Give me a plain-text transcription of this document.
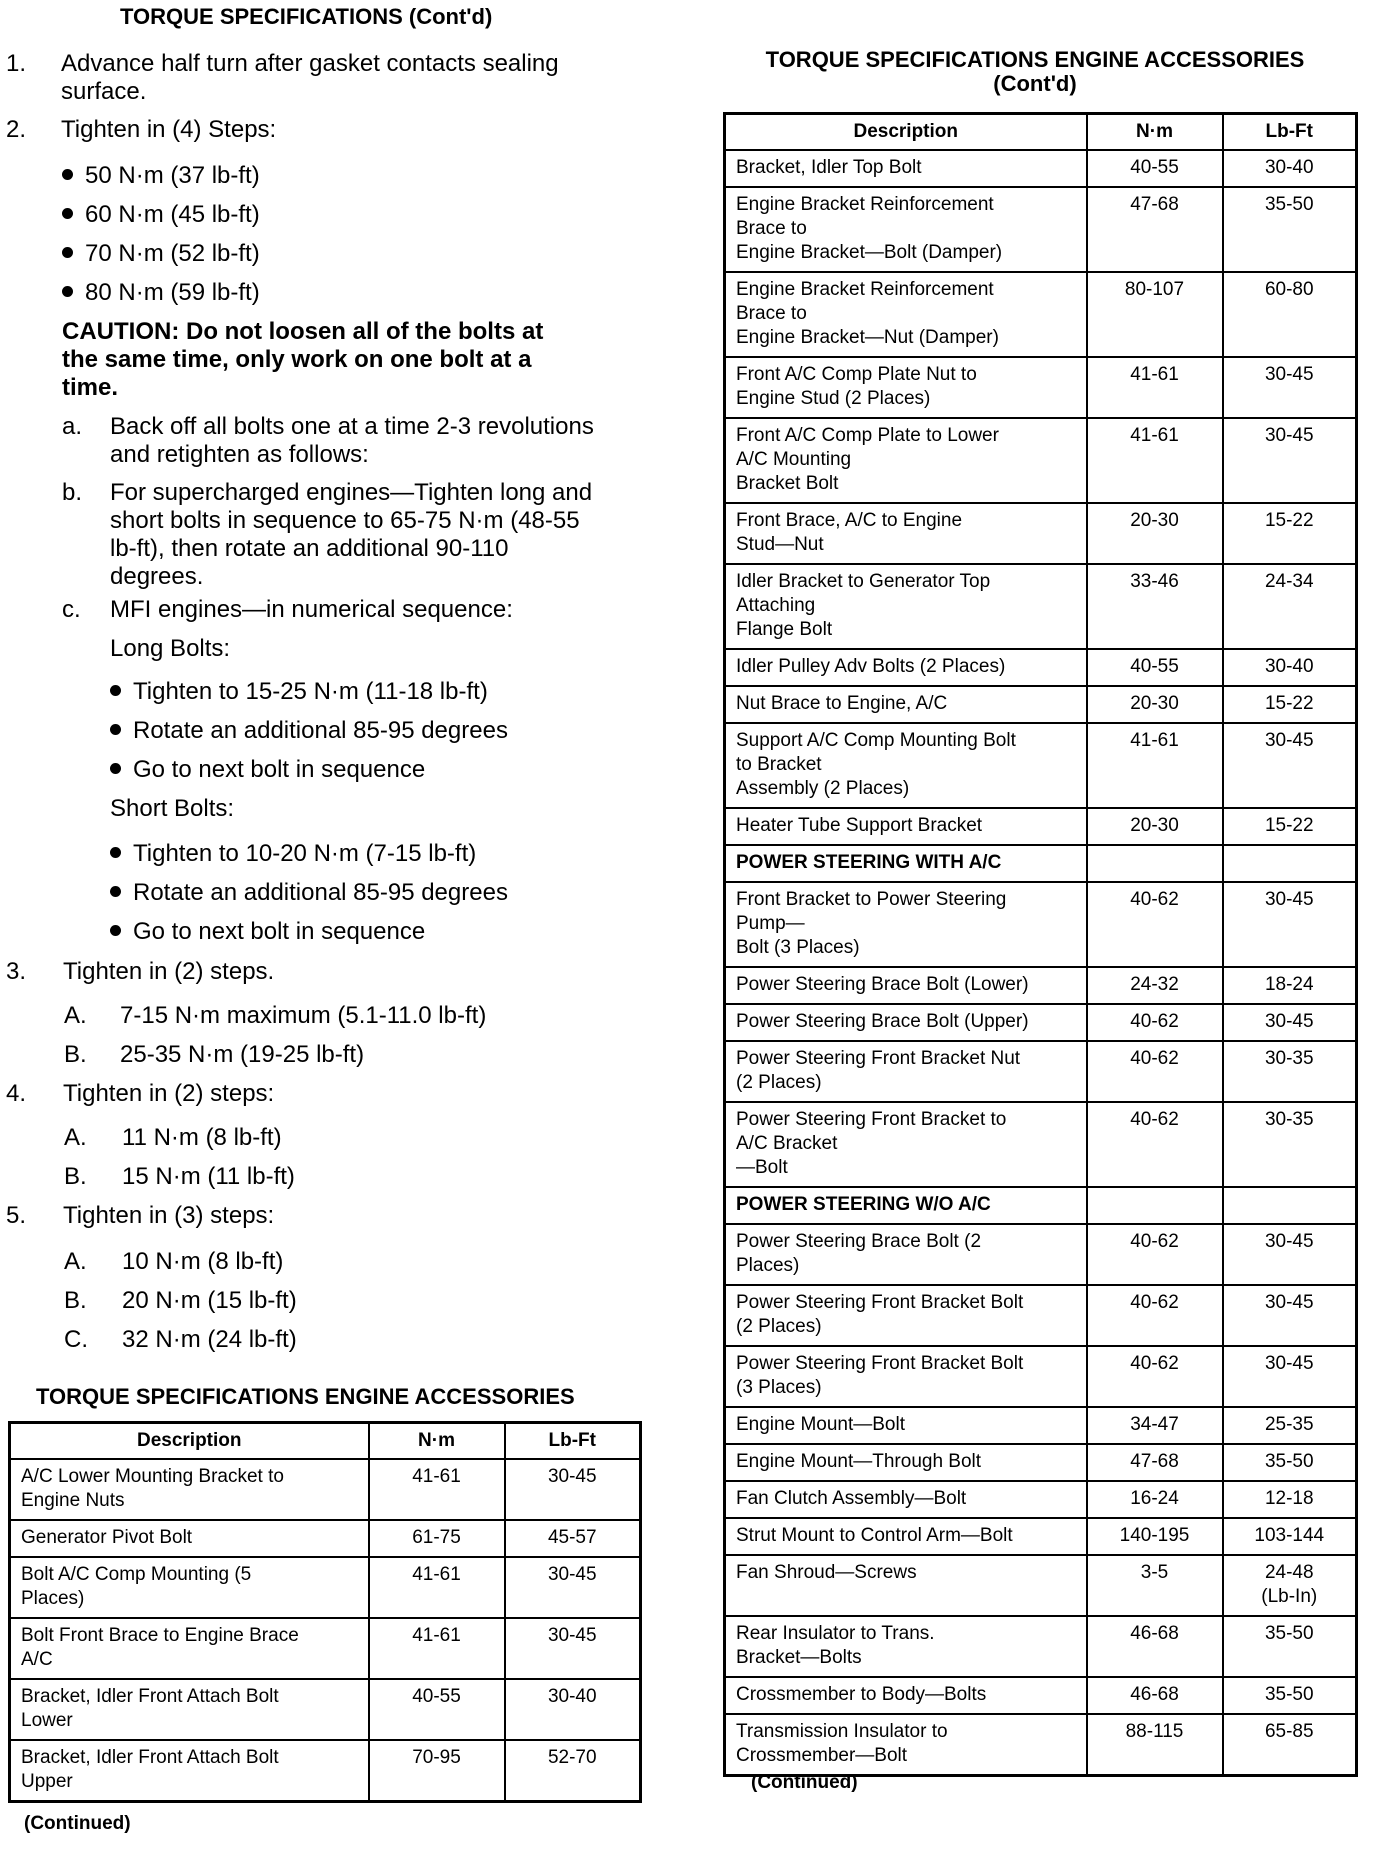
TORQUE SPECIFICATIONS (Cont'd)
1. Advance half turn after gasket contacts sealing
surface.
2. Tighten in (4) Steps:
50 N·m (37 lb-ft)
60 N·m (45 lb-ft)
70 N·m (52 lb-ft)
80 N·m (59 lb-ft)
CAUTION: Do not loosen all of the bolts at
the same time, only work on one bolt at a
time.
a. Back off all bolts one at a time 2-3 revolutions
and retighten as follows:
b. For supercharged engines—Tighten long and
short bolts in sequence to 65-75 N·m (48-55
lb-ft), then rotate an additional 90-110
degrees.
c. MFI engines—in numerical sequence:
Long Bolts:
Tighten to 15-25 N·m (11-18 lb-ft)
Rotate an additional 85-95 degrees
Go to next bolt in sequence
Short Bolts:
Tighten to 10-20 N·m (7-15 lb-ft)
Rotate an additional 85-95 degrees
Go to next bolt in sequence
3. Tighten in (2) steps.
A. 7-15 N·m maximum (5.1-11.0 lb-ft)
B. 25-35 N·m (19-25 lb-ft)
4. Tighten in (2) steps:
A. 11 N·m (8 lb-ft)
B. 15 N·m (11 lb-ft)
5. Tighten in (3) steps:
A. 10 N·m (8 lb-ft)
B. 20 N·m (15 lb-ft)
C. 32 N·m (24 lb-ft)
TORQUE SPECIFICATIONS ENGINE ACCESSORIES
Description	N·m	Lb-Ft
A/C Lower Mounting Bracket to
Engine Nuts	41-61	30-45
Generator Pivot Bolt	61-75	45-57
Bolt A/C Comp Mounting (5
Places)	41-61	30-45
Bolt Front Brace to Engine Brace
A/C	41-61	30-45
Bracket, Idler Front Attach Bolt
Lower	40-55	30-40
Bracket, Idler Front Attach Bolt
Upper	70-95	52-70
(Continued)
TORQUE SPECIFICATIONS ENGINE ACCESSORIES
(Cont'd)
Description	N·m	Lb-Ft
Bracket, Idler Top Bolt	40-55	30-40
Engine Bracket Reinforcement
Brace to
Engine Bracket—Bolt (Damper)	47-68	35-50
Engine Bracket Reinforcement
Brace to
Engine Bracket—Nut (Damper)	80-107	60-80
Front A/C Comp Plate Nut to
Engine Stud (2 Places)	41-61	30-45
Front A/C Comp Plate to Lower
A/C Mounting
Bracket Bolt	41-61	30-45
Front Brace, A/C to Engine
Stud—Nut	20-30	15-22
Idler Bracket to Generator Top
Attaching
Flange Bolt	33-46	24-34
Idler Pulley Adv Bolts (2 Places)	40-55	30-40
Nut Brace to Engine, A/C	20-30	15-22
Support A/C Comp Mounting Bolt
to Bracket
Assembly (2 Places)	41-61	30-45
Heater Tube Support Bracket	20-30	15-22
POWER STEERING WITH A/C		
Front Bracket to Power Steering
Pump—
Bolt (3 Places)	40-62	30-45
Power Steering Brace Bolt (Lower)	24-32	18-24
Power Steering Brace Bolt (Upper)	40-62	30-45
Power Steering Front Bracket Nut
(2 Places)	40-62	30-35
Power Steering Front Bracket to
A/C Bracket
—Bolt	40-62	30-35
POWER STEERING W/O A/C		
Power Steering Brace Bolt (2
Places)	40-62	30-45
Power Steering Front Bracket Bolt
(2 Places)	40-62	30-45
Power Steering Front Bracket Bolt
(3 Places)	40-62	30-45
Engine Mount—Bolt	34-47	25-35
Engine Mount—Through Bolt	47-68	35-50
Fan Clutch Assembly—Bolt	16-24	12-18
Strut Mount to Control Arm—Bolt	140-195	103-144
Fan Shroud—Screws	3-5	24-48
(Lb-In)
Rear Insulator to Trans.
Bracket—Bolts	46-68	35-50
Crossmember to Body—Bolts	46-68	35-50
Transmission Insulator to
Crossmember—Bolt	88-115	65-85
(Continued)
